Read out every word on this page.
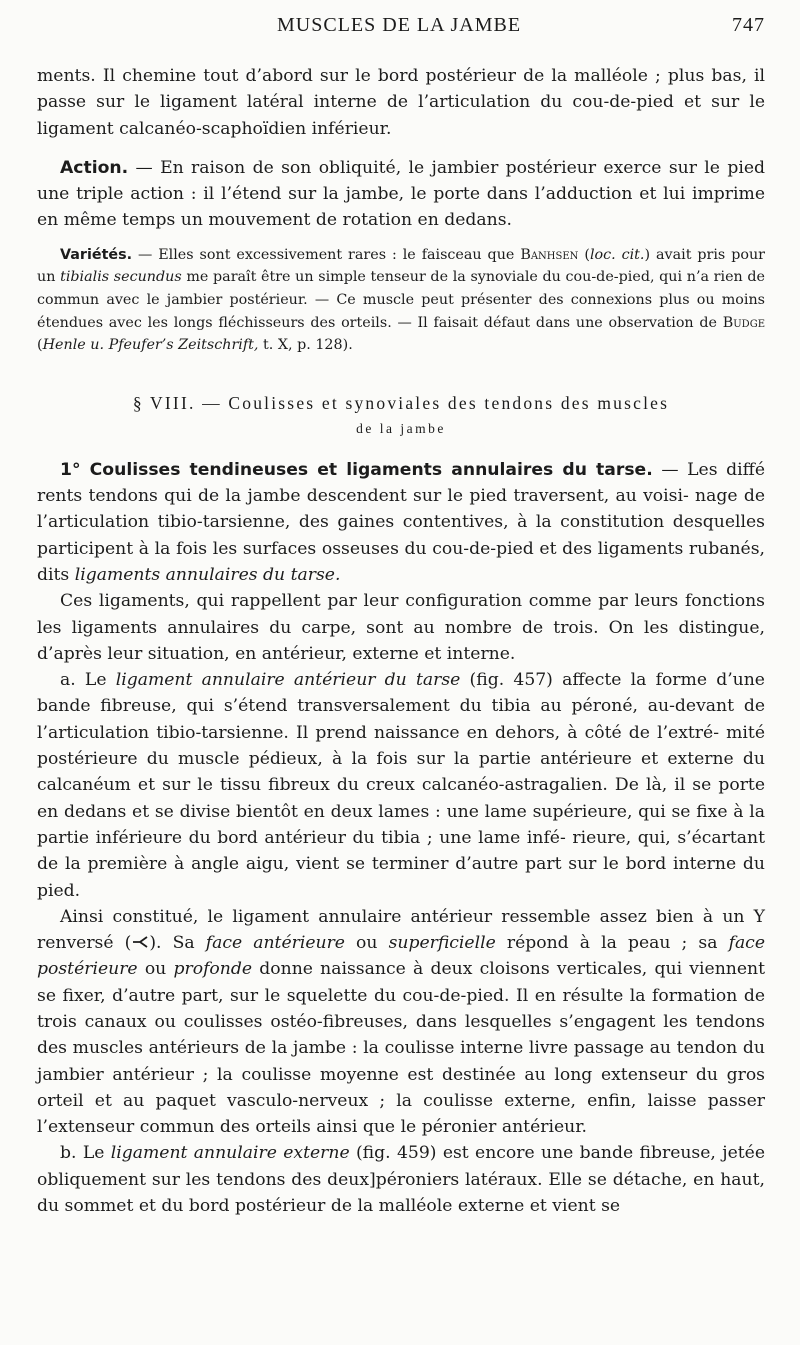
MUSCLES DE LA JAMBE	747

ments. Il chemine tout d’abord sur le bord postérieur de la malléole ; plus bas, il passe sur le ligament latéral interne de l’articulation du cou-de-pied et sur le ligament calcanéo-scaphoïdien inférieur.

Action. — En raison de son obliquité, le jambier postérieur exerce sur le pied une triple action : il l’étend sur la jambe, le porte dans l’adduction et lui imprime en même temps un mouvement de rotation en dedans.

Variétés. — Elles sont excessivement rares : le faisceau que Banhsen (loc. cit.) avait pris pour un tibialis secundus me paraît être un simple tenseur de la synoviale du cou-de-pied, qui n’a rien de commun avec le jambier postérieur. — Ce muscle peut présenter des connexions plus ou moins étendues avec les longs fléchisseurs des orteils. — Il faisait défaut dans une observation de Budge (Henle u. Pfeufer’s Zeitschrift, t. X, p. 128).

§ VIII. — Coulisses et synoviales des tendons des muscles
de la jambe

1° Coulisses tendineuses et ligaments annulaires du tarse. — Les diffé rents tendons qui de la jambe descendent sur le pied traversent, au voisi- nage de l’articulation tibio-tarsienne, des gaines contentives, à la constitution desquelles participent à la fois les surfaces osseuses du cou-de-pied et des ligaments rubanés, dits ligaments annulaires du tarse.

Ces ligaments, qui rappellent par leur configuration comme par leurs fonctions les ligaments annulaires du carpe, sont au nombre de trois. On les distingue, d’après leur situation, en antérieur, externe et interne.

a. Le ligament annulaire antérieur du tarse (fig. 457) affecte la forme d’une bande fibreuse, qui s’étend transversalement du tibia au péroné, au-devant de l’articulation tibio-tarsienne. Il prend naissance en dehors, à côté de l’extré- mité postérieure du muscle pédieux, à la fois sur la partie antérieure et externe du calcanéum et sur le tissu fibreux du creux calcanéo-astragalien. De là, il se porte en dedans et se divise bientôt en deux lames : une lame supérieure, qui se fixe à la partie inférieure du bord antérieur du tibia ; une lame infé- rieure, qui, s’écartant de la première à angle aigu, vient se terminer d’autre part sur le bord interne du pied.

Ainsi constitué, le ligament annulaire antérieur ressemble assez bien à un Y renversé ( ). Sa face antérieure ou superficielle répond à la peau ; sa face postérieure ou profonde donne naissance à deux cloisons verticales, qui viennent se fixer, d’autre part, sur le squelette du cou-de-pied. Il en résulte la formation de trois canaux ou coulisses ostéo-fibreuses, dans lesquelles s’engagent les tendons des muscles antérieurs de la jambe : la coulisse interne livre passage au tendon du jambier antérieur ; la coulisse moyenne est destinée au long extenseur du gros orteil et au paquet vasculo-nerveux ; la coulisse externe, enfin, laisse passer l’extenseur commun des orteils ainsi que le péronier antérieur.

b. Le ligament annulaire externe (fig. 459) est encore une bande fibreuse, jetée obliquement sur les tendons des deux]péroniers latéraux. Elle se détache, en haut, du sommet et du bord postérieur de la malléole externe et vient se
